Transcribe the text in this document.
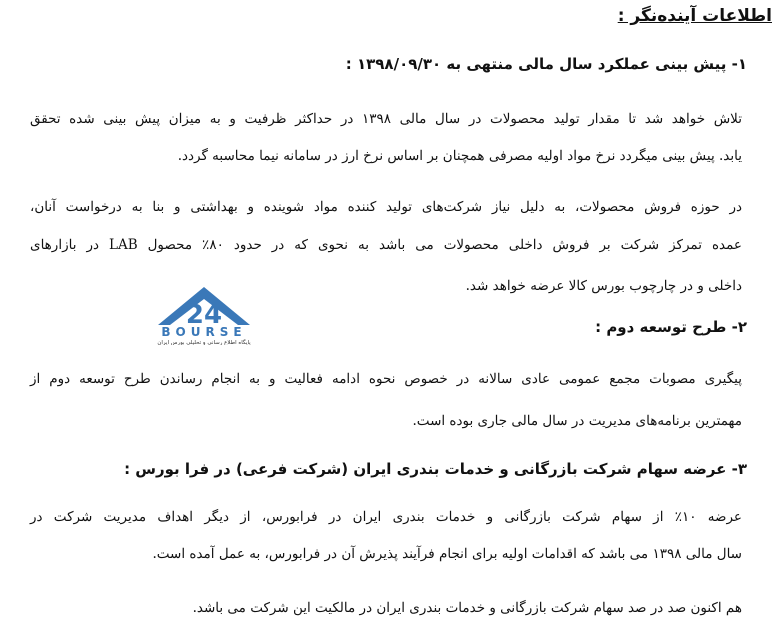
اطلاعات آینده‌نگر :
۱- پیش بینی عملکرد سال مالی منتهی به ۱۳۹۸/۰۹/۳۰ :
تلاش خواهد شد تا مقدار تولید محصولات در سال مالی ۱۳۹۸ در حداکثر ظرفیت و به میزان پیش بینی شده تحقق
یابد. پیش بینی میگردد نرخ مواد اولیه مصرفی همچنان بر اساس نرخ ارز در سامانه نیما محاسبه گردد.
در حوزه فروش محصولات، به دلیل نیاز شرکت‌های تولید کننده مواد شوینده و بهداشتی و بنا به درخواست آنان،
عمده تمرکز شرکت بر فروش داخلی محصولات می باشد به نحوی که در حدود ۸۰٪ محصول LAB در بازارهای
داخلی و در چارچوب بورس کالا عرضه خواهد شد.
24
BOURSE
پایگاه اطلاع رسانی و تحلیلی بورس ایران
۲- طرح توسعه دوم :
پیگیری مصوبات مجمع عمومی عادی سالانه در خصوص نحوه ادامه فعالیت و به انجام رساندن طرح توسعه دوم از
مهمترین برنامه‌های مدیریت در سال مالی جاری بوده است.
۳- عرضه سهام شرکت بازرگانی و خدمات بندری ایران (شرکت فرعی) در فرا بورس :
عرضه ۱۰٪ از سهام شرکت بازرگانی و خدمات بندری ایران در فرابورس، از دیگر اهداف مدیریت شرکت در
سال مالی ۱۳۹۸ می باشد که اقدامات اولیه برای انجام فرآیند پذیرش آن در فرابورس، به عمل آمده است.
هم اکنون صد در صد سهام شرکت بازرگانی و خدمات بندری ایران در مالکیت این شرکت می باشد.
